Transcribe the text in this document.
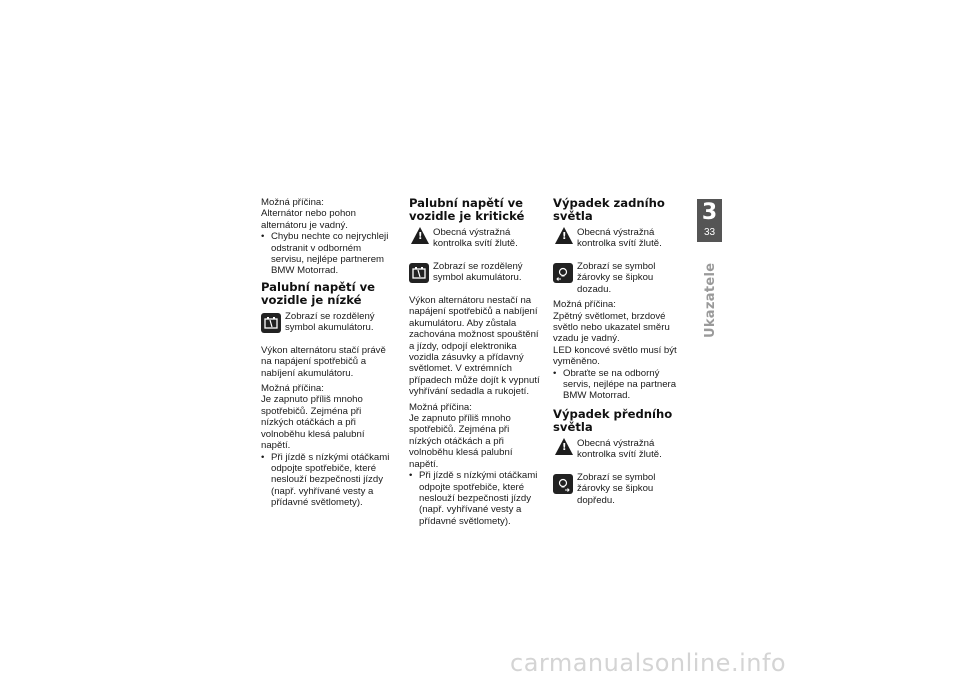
Možná příčina:

Alternátor nebo pohon alternátoru je vadný.

• Chybu nechte co nejrychleji odstranit v odborném servisu, nejlépe partnerem BMW Motorrad.

Palubní napětí ve vozidle je nízké
Zobrazí se rozdělený symbol akumulátoru.

Výkon alternátoru stačí právě na napájení spotřebičů a nabíjení akumulátoru.

Možná příčina:

Je zapnuto příliš mnoho spotřebičů. Zejména při nízkých otáčkách a při volnoběhu klesá palubní napětí.

• Při jízdě s nízkými otáčkami odpojte spotřebiče, které neslouží bezpečnosti jízdy (např. vyhřívané vesty a přídavné světlomety).

Palubní napětí ve vozidle je kritické
!
Obecná výstražná kontrolka svítí žlutě.
Zobrazí se rozdělený symbol akumulátoru.

Výkon alternátoru nestačí na napájení spotřebičů a nabíjení akumulátoru. Aby zůstala zachována možnost spouštění a jízdy, odpojí elektronika vozidla zásuvky a přídavný světlomet. V extrémních případech může dojít k vypnutí vyhřívání sedadla a rukojetí.

Možná příčina:

Je zapnuto příliš mnoho spotřebičů. Zejména při nízkých otáčkách a při volnoběhu klesá palubní napětí.

• Při jízdě s nízkými otáčkami odpojte spotřebiče, které neslouží bezpečnosti jízdy (např. vyhřívané vesty a přídavné světlomety).

Výpadek zadního světla
!
Obecná výstražná kontrolka svítí žlutě.
Zobrazí se symbol žárovky se šipkou dozadu.

Možná příčina:

Zpětný světlomet, brzdové světlo nebo ukazatel směru vzadu je vadný.

LED koncové světlo musí být vyměněno.

• Obraťte se na odborný servis, nejlépe na partnera BMW Motorrad.

Výpadek předního světla
!
Obecná výstražná kontrolka svítí žlutě.
Zobrazí se symbol žárovky se šipkou dopředu.
3
33
Ukazatele
carmanualsonline.info
